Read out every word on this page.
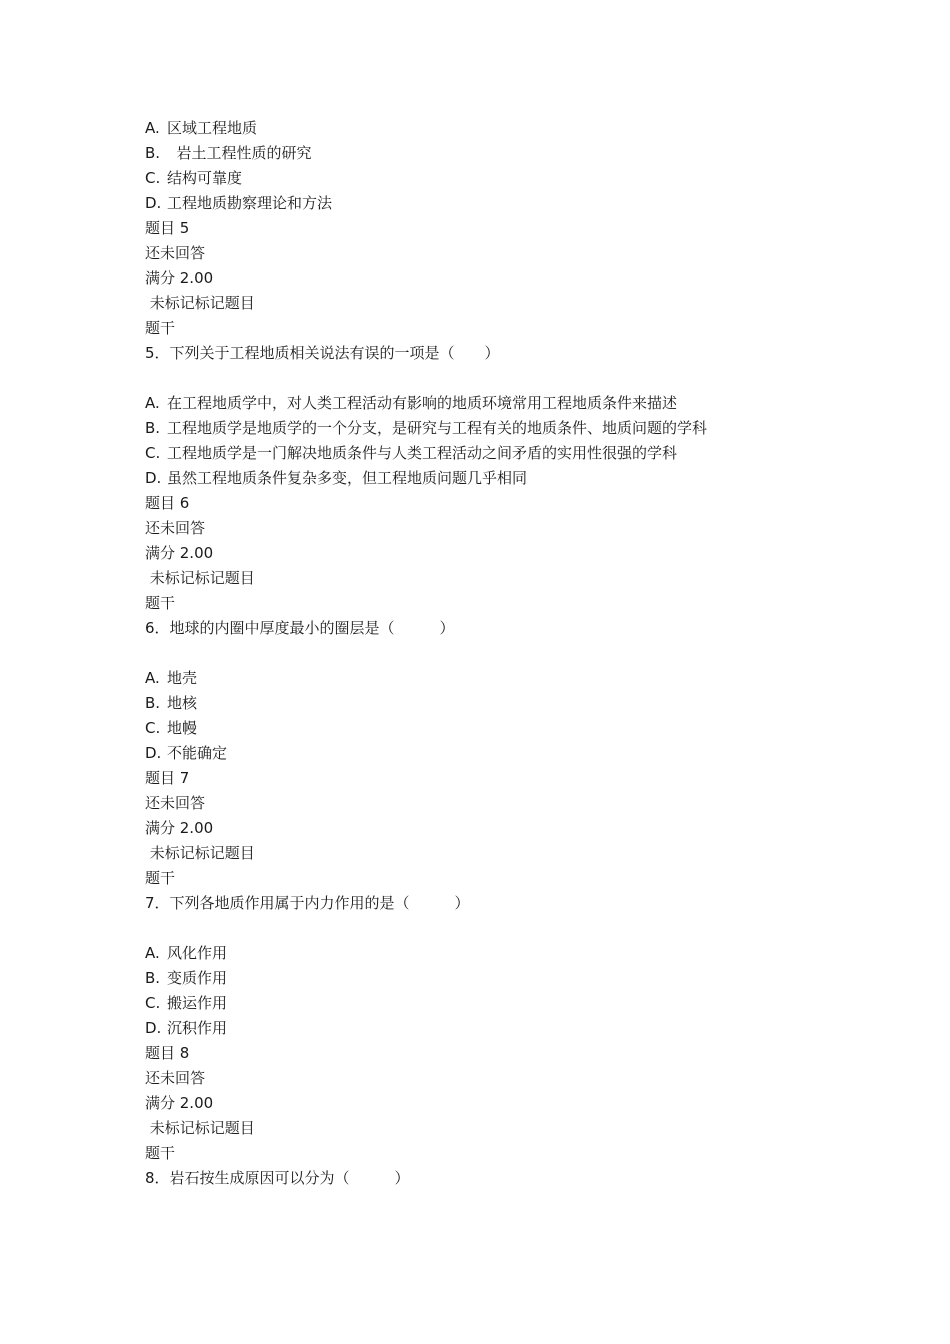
A. 区域工程地质
B.  岩土工程性质的研究
C. 结构可靠度
D. 工程地质勘察理论和方法
题目 5
还未回答
满分 2.00
未标记标记题目
题干
5．下列关于工程地质相关说法有误的一项是（　　）
A. 在工程地质学中，对人类工程活动有影响的地质环境常用工程地质条件来描述
B. 工程地质学是地质学的一个分支，是研究与工程有关的地质条件、地质问题的学科
C. 工程地质学是一门解决地质条件与人类工程活动之间矛盾的实用性很强的学科
D. 虽然工程地质条件复杂多变，但工程地质问题几乎相同
题目 6
还未回答
满分 2.00
未标记标记题目
题干
6．地球的内圈中厚度最小的圈层是（　　　）
A. 地壳
B. 地核
C. 地幔
D. 不能确定
题目 7
还未回答
满分 2.00
未标记标记题目
题干
7．下列各地质作用属于内力作用的是（　　　）
A. 风化作用
B. 变质作用
C. 搬运作用
D. 沉积作用
题目 8
还未回答
满分 2.00
未标记标记题目
题干
8．岩石按生成原因可以分为（　　　）
